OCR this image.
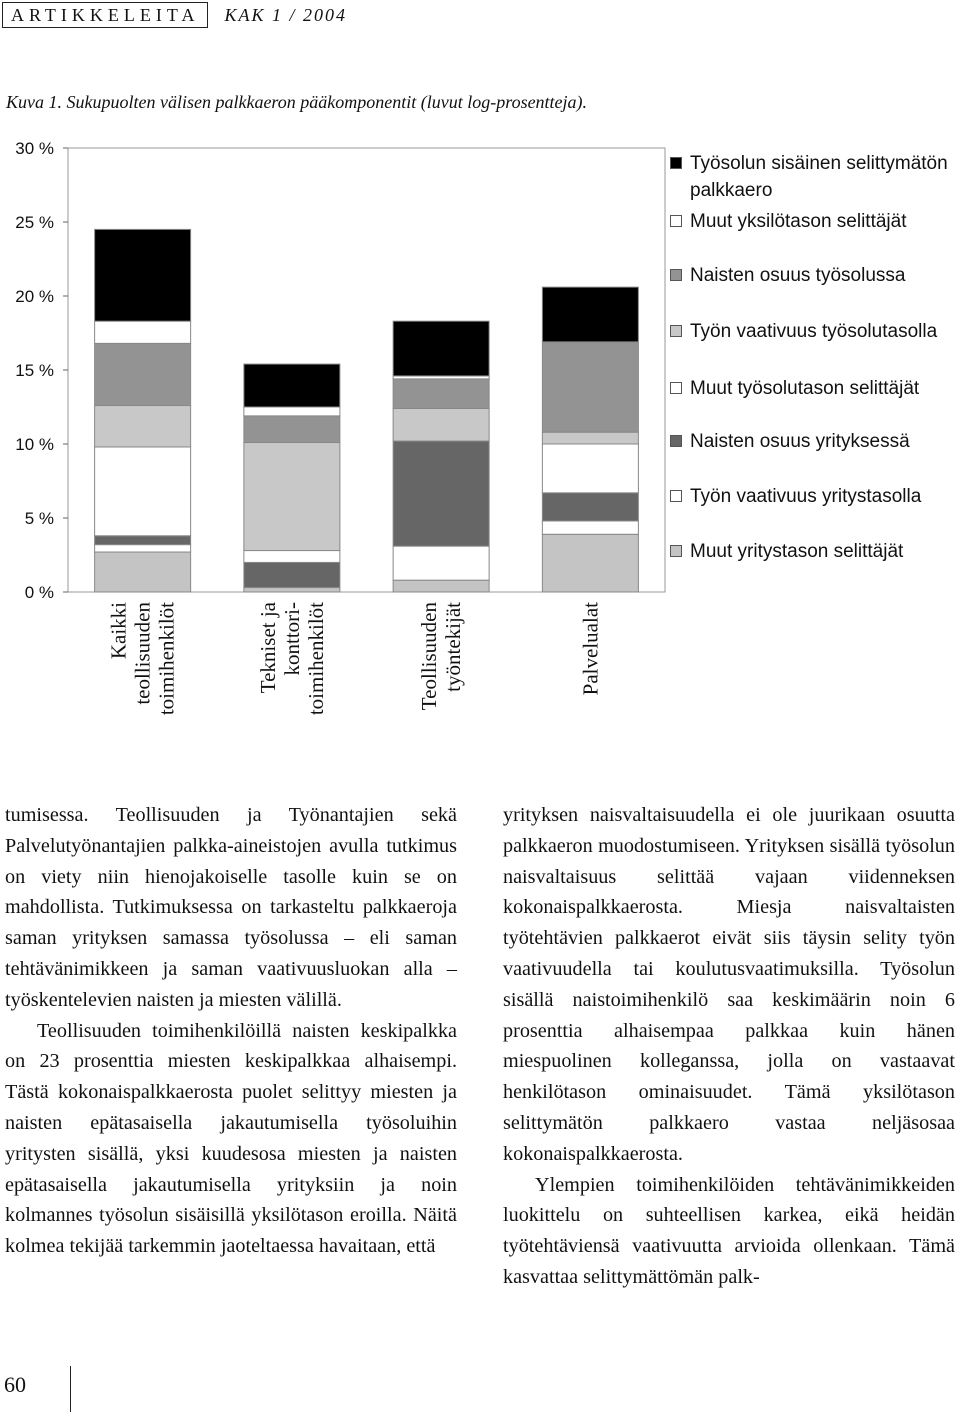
ARTIKKELEITA	KAK 1 / 2004
Kuva 1. Sukupuolten välisen palkkaeron pääkomponentit (luvut log-prosentteja).
30 %
25 %
20 %
15 %
10 %
5 %
0 %
Kaikki teollisuuden toimihenkilöt	Tekniset ja konttori- toimihenkilöt	Teollisuuden työntekijät	Palvelualat
Työsolun sisäinen selittymätön palkkaero
Muut yksilötason selittäjät
Naisten osuus työsolussa
Työn vaativuus työsolutasolla
Muut työsolutason selittäjät
Naisten osuus yrityksessä
Työn vaativuus yritystasolla
Muut yritystason selittäjät

tumisessa. Teollisuuden ja Työnantajien sekä Palvelutyönantajien palkka-aineistojen avulla tutkimus on viety niin hienojakoiselle tasolle kuin se on mahdollista. Tutkimuksessa on tarkasteltu palkkaeroja saman yrityksen samassa työsolussa – eli saman tehtävänimikkeen ja saman vaativuusluokan alla – työskentelevien naisten ja miesten välillä.

Teollisuuden toimihenkilöillä naisten keskipalkka on 23 prosenttia miesten keskipalkkaa alhaisempi. Tästä kokonaispalkkaerosta puolet selittyy miesten ja naisten epätasaisella jakautumisella työsoluihin yritysten sisällä, yksi kuudesosa miesten ja naisten epätasaisella jakautumisella yrityksiin ja noin kolmannes työsolun sisäisillä yksilötason eroilla. Näitä kolmea tekijää tarkemmin jaoteltaessa havaitaan, että

yrityksen naisvaltaisuudella ei ole juurikaan osuutta palkkaeron muodostumiseen. Yrityksen sisällä työsolun naisvaltaisuus selittää vajaan viidenneksen kokonaispalkkaerosta. Miesja naisvaltaisten työtehtävien palkkaerot eivät siis täysin selity työn vaativuudella tai koulutusvaatimuksilla. Työsolun sisällä naistoimihenkilö saa keskimäärin noin 6 prosenttia alhaisempaa palkkaa kuin hänen miespuolinen kolleganssa, jolla on vastaavat henkilötason ominaisuudet. Tämä yksilötason selittymätön palkkaero vastaa neljäsosaa kokonaispalkkaerosta.

Ylempien toimihenkilöiden tehtävänimikkeiden luokittelu on suhteellisen karkea, eikä heidän työtehtäviensä vaativuutta arvioida ollenkaan. Tämä kasvattaa selittymättömän palk-

60
